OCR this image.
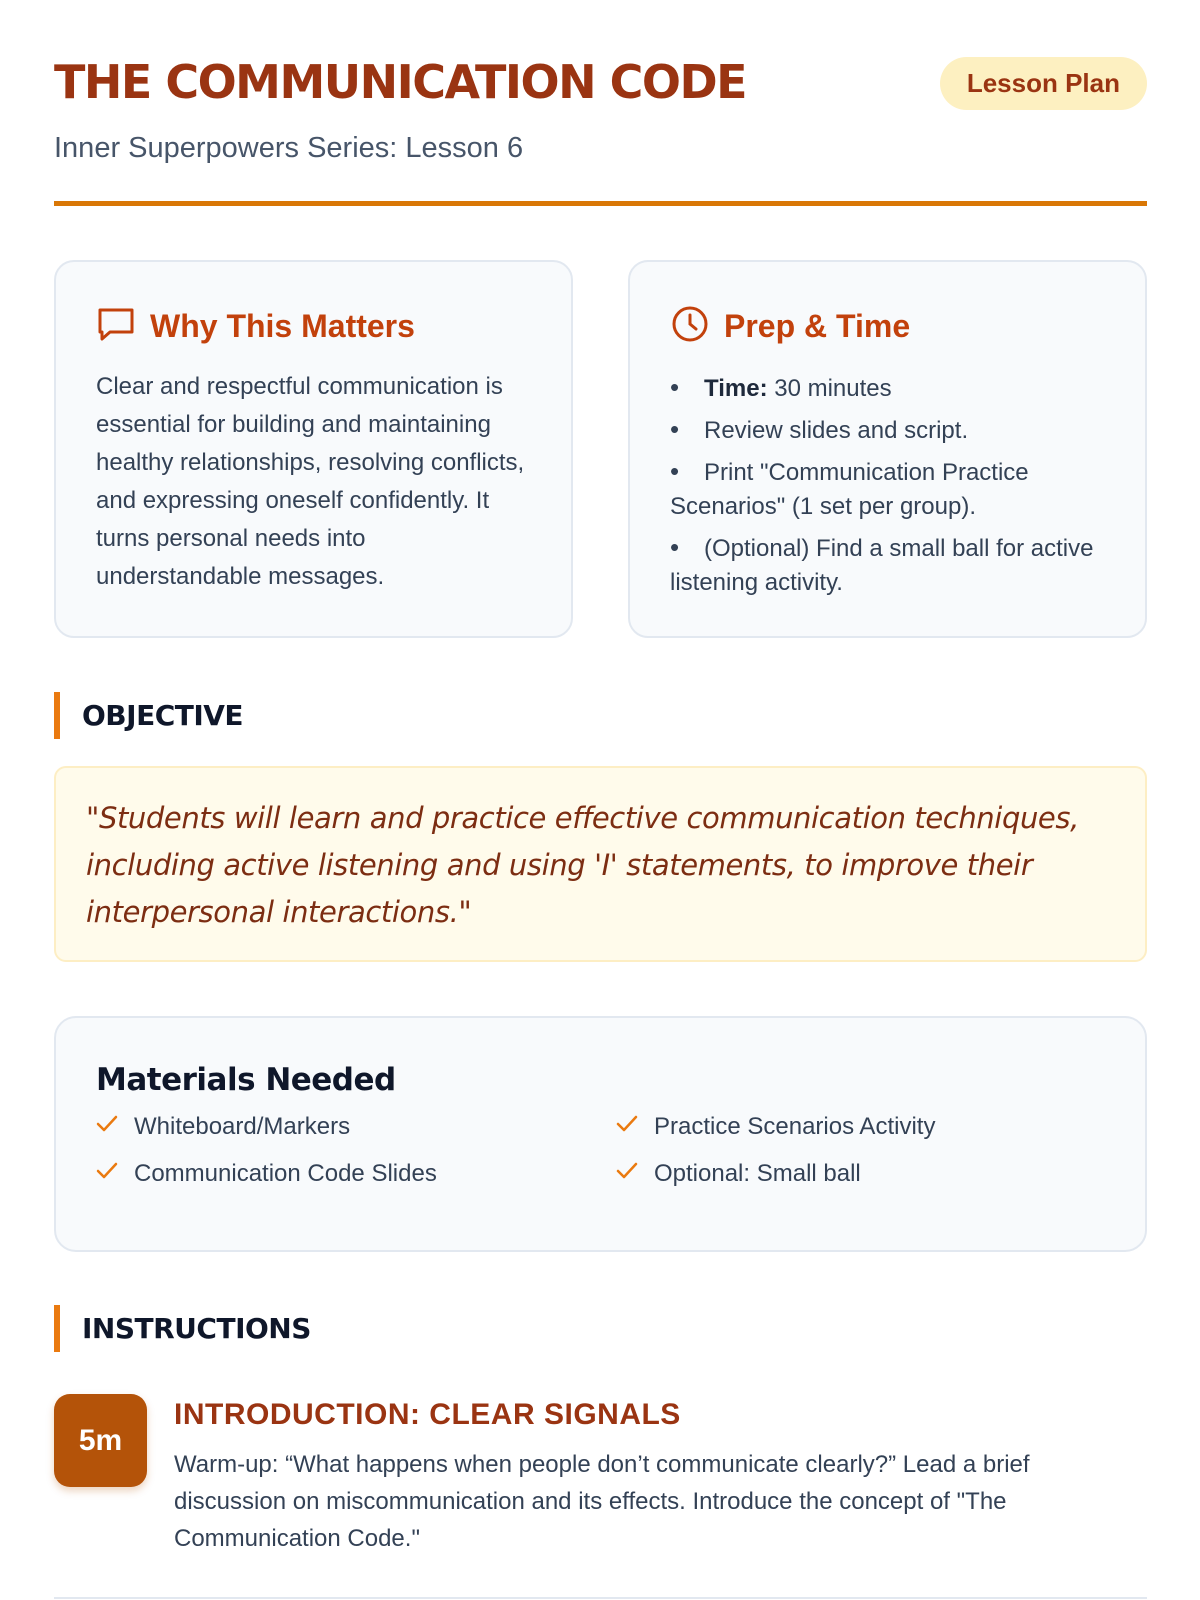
THE COMMUNICATION CODE
Inner Superpowers Series: Lesson 6
Lesson Plan
Why This Matters

Clear and respectful communication is essential for building and maintaining healthy relationships, resolving conflicts, and expressing oneself confidently. It turns personal needs into understandable messages.

Prep & Time
• Time: 30 minutes
• Review slides and script.
• Print "Communication Practice Scenarios" (1 set per group).
• (Optional) Find a small ball for active listening activity.
OBJECTIVE
"Students will learn and practice effective communication techniques, including active listening and using 'I' statements, to improve their interpersonal interactions."
Materials Needed
Whiteboard/Markers	Practice Scenarios Activity
Communication Code Slides	Optional: Small ball
INSTRUCTIONS
5m
INTRODUCTION: CLEAR SIGNALS

Warm-up: “What happens when people don’t communicate clearly?” Lead a brief discussion on miscommunication and its effects. Introduce the concept of "The Communication Code."
